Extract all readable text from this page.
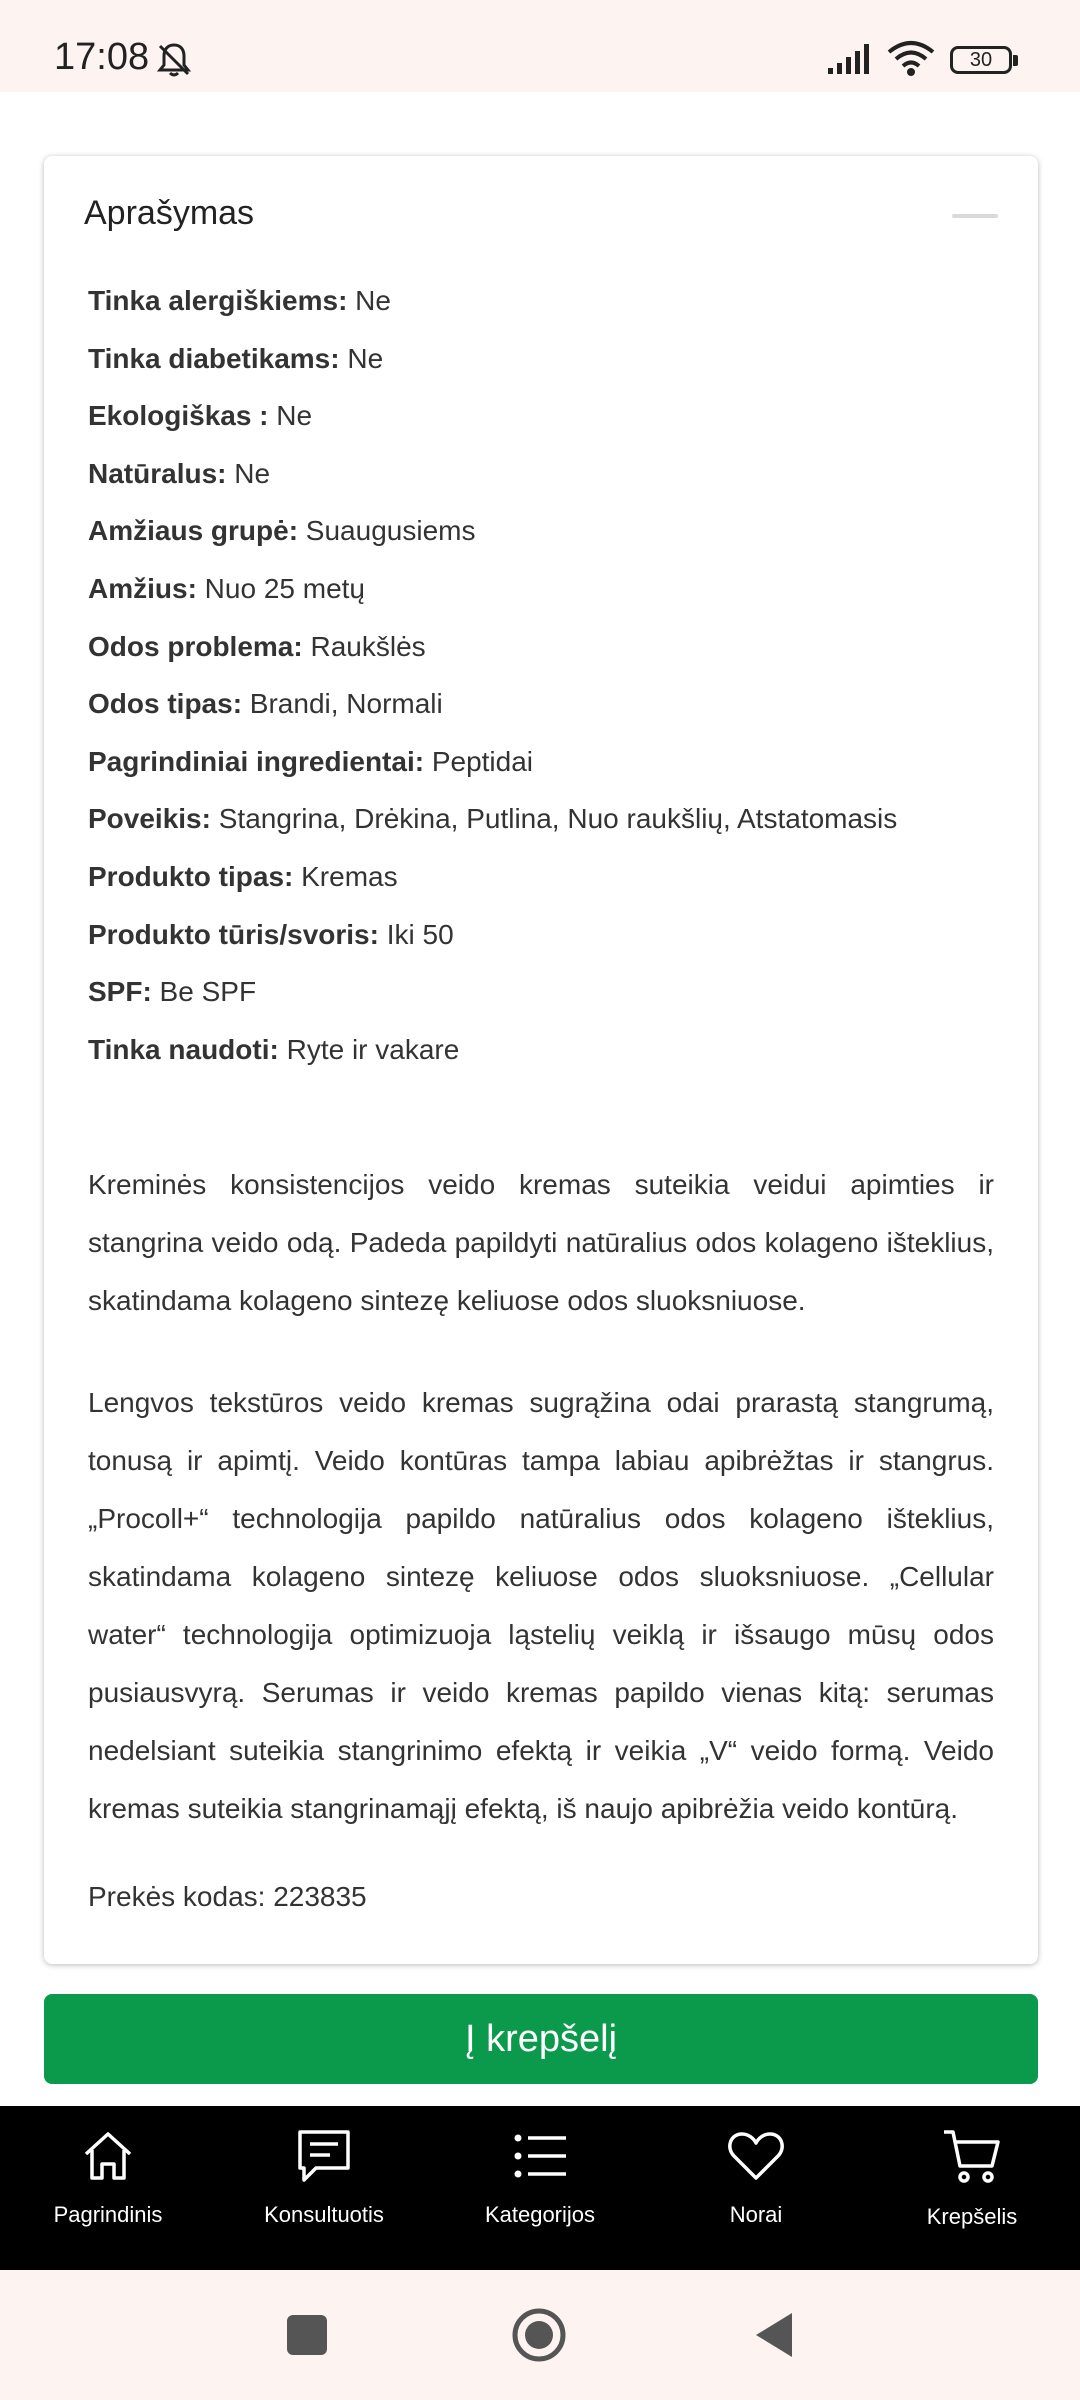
17:08	30
Aprašymas
Tinka alergiškiems: Ne
Tinka diabetikams: Ne
Ekologiškas : Ne
Natūralus: Ne
Amžiaus grupė: Suaugusiems
Amžius: Nuo 25 metų
Odos problema: Raukšlės
Odos tipas: Brandi, Normali
Pagrindiniai ingredientai: Peptidai
Poveikis: Stangrina, Drėkina, Putlina, Nuo raukšlių, Atstatomasis
Produkto tipas: Kremas
Produkto tūris/svoris: Iki 50
SPF: Be SPF
Tinka naudoti: Ryte ir vakare
Kreminės konsistencijos veido kremas suteikia veidui apimties ir stangrina veido odą. Padeda papildyti natūralius odos kolageno išteklius, skatindama kolageno sintezę keliuose odos sluoksniuose.
Lengvos tekstūros veido kremas sugrąžina odai prarastą stangrumą, tonusą ir apimtį. Veido kontūras tampa labiau apibrėžtas ir stangrus. „Procoll+“ technologija papildo natūralius odos kolageno išteklius, skatindama kolageno sintezę keliuose odos sluoksniuose. „Cellular water“ technologija optimizuoja ląstelių veiklą ir išsaugo mūsų odos pusiausvyrą. Serumas ir veido kremas papildo vienas kitą: serumas nedelsiant suteikia stangrinimo efektą ir veikia „V“ veido formą. Veido kremas suteikia stangrinamąjį efektą, iš naujo apibrėžia veido kontūrą.
Prekės kodas: 223835
Į krepšelį
Pagrindinis	Konsultuotis	Kategorijos	Norai	Krepšelis
